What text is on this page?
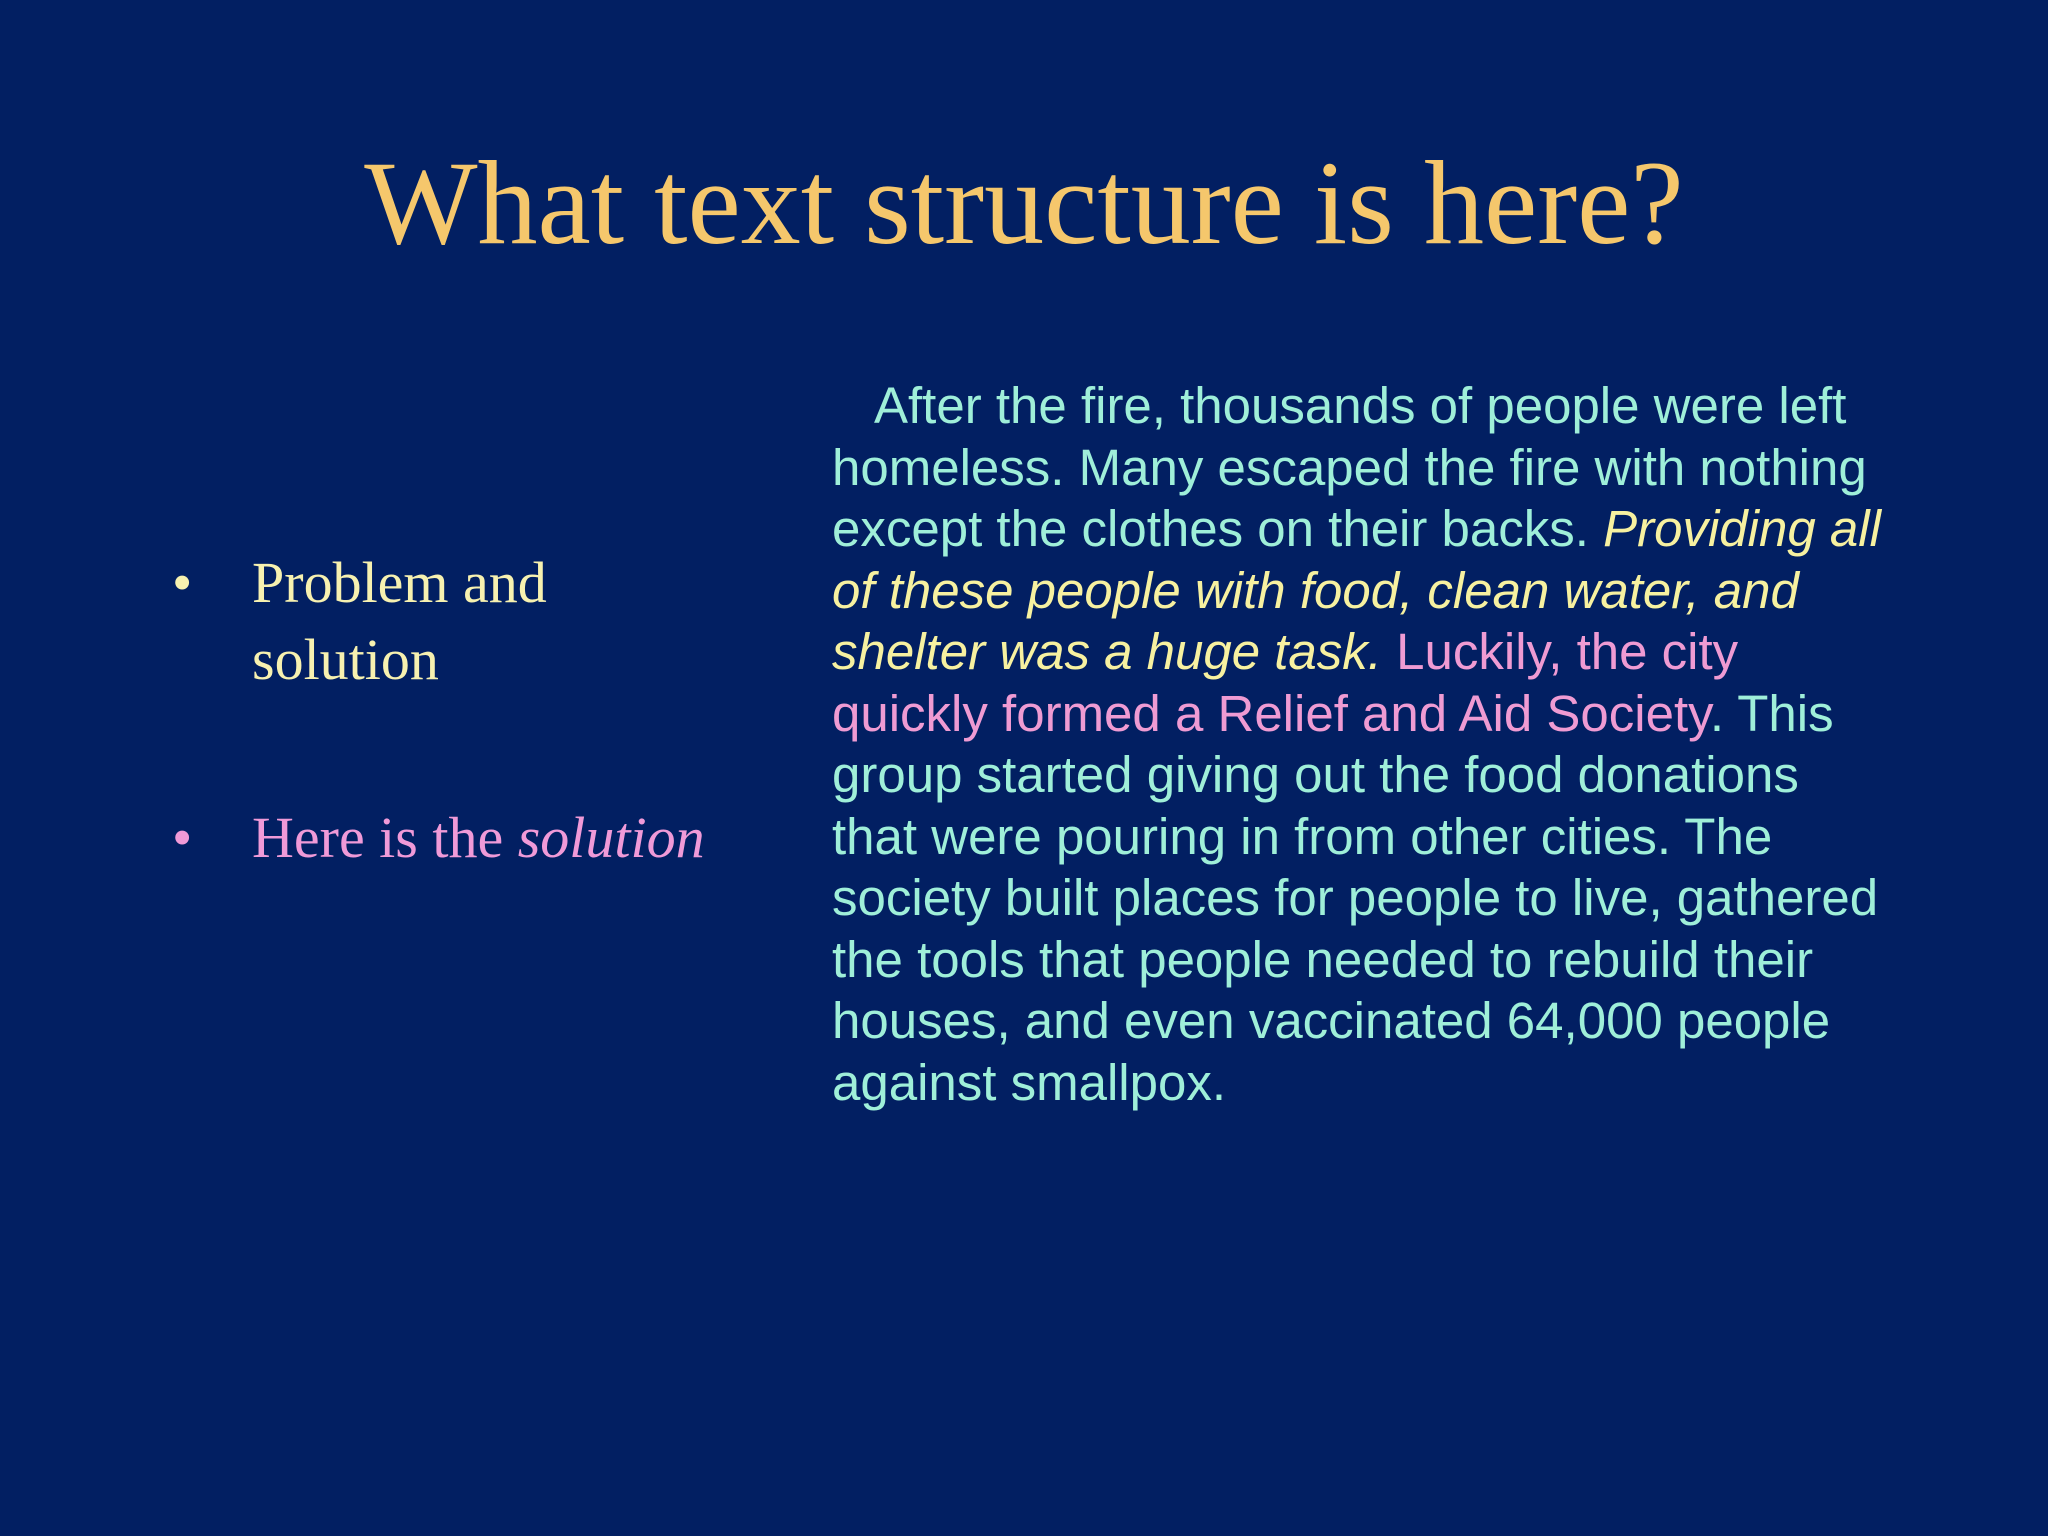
What text structure is here?
• Problem and solution
• Here is the solution

After the fire, thousands of people were left homeless. Many escaped the fire with nothing except the clothes on their backs. Providing all of these people with food, clean water, and shelter was a huge task. Luckily, the city quickly formed a Relief and Aid Society. This group started giving out the food donations that were pouring in from other cities. The society built places for people to live, gathered the tools that people needed to rebuild their houses, and even vaccinated 64,000 people against smallpox.
